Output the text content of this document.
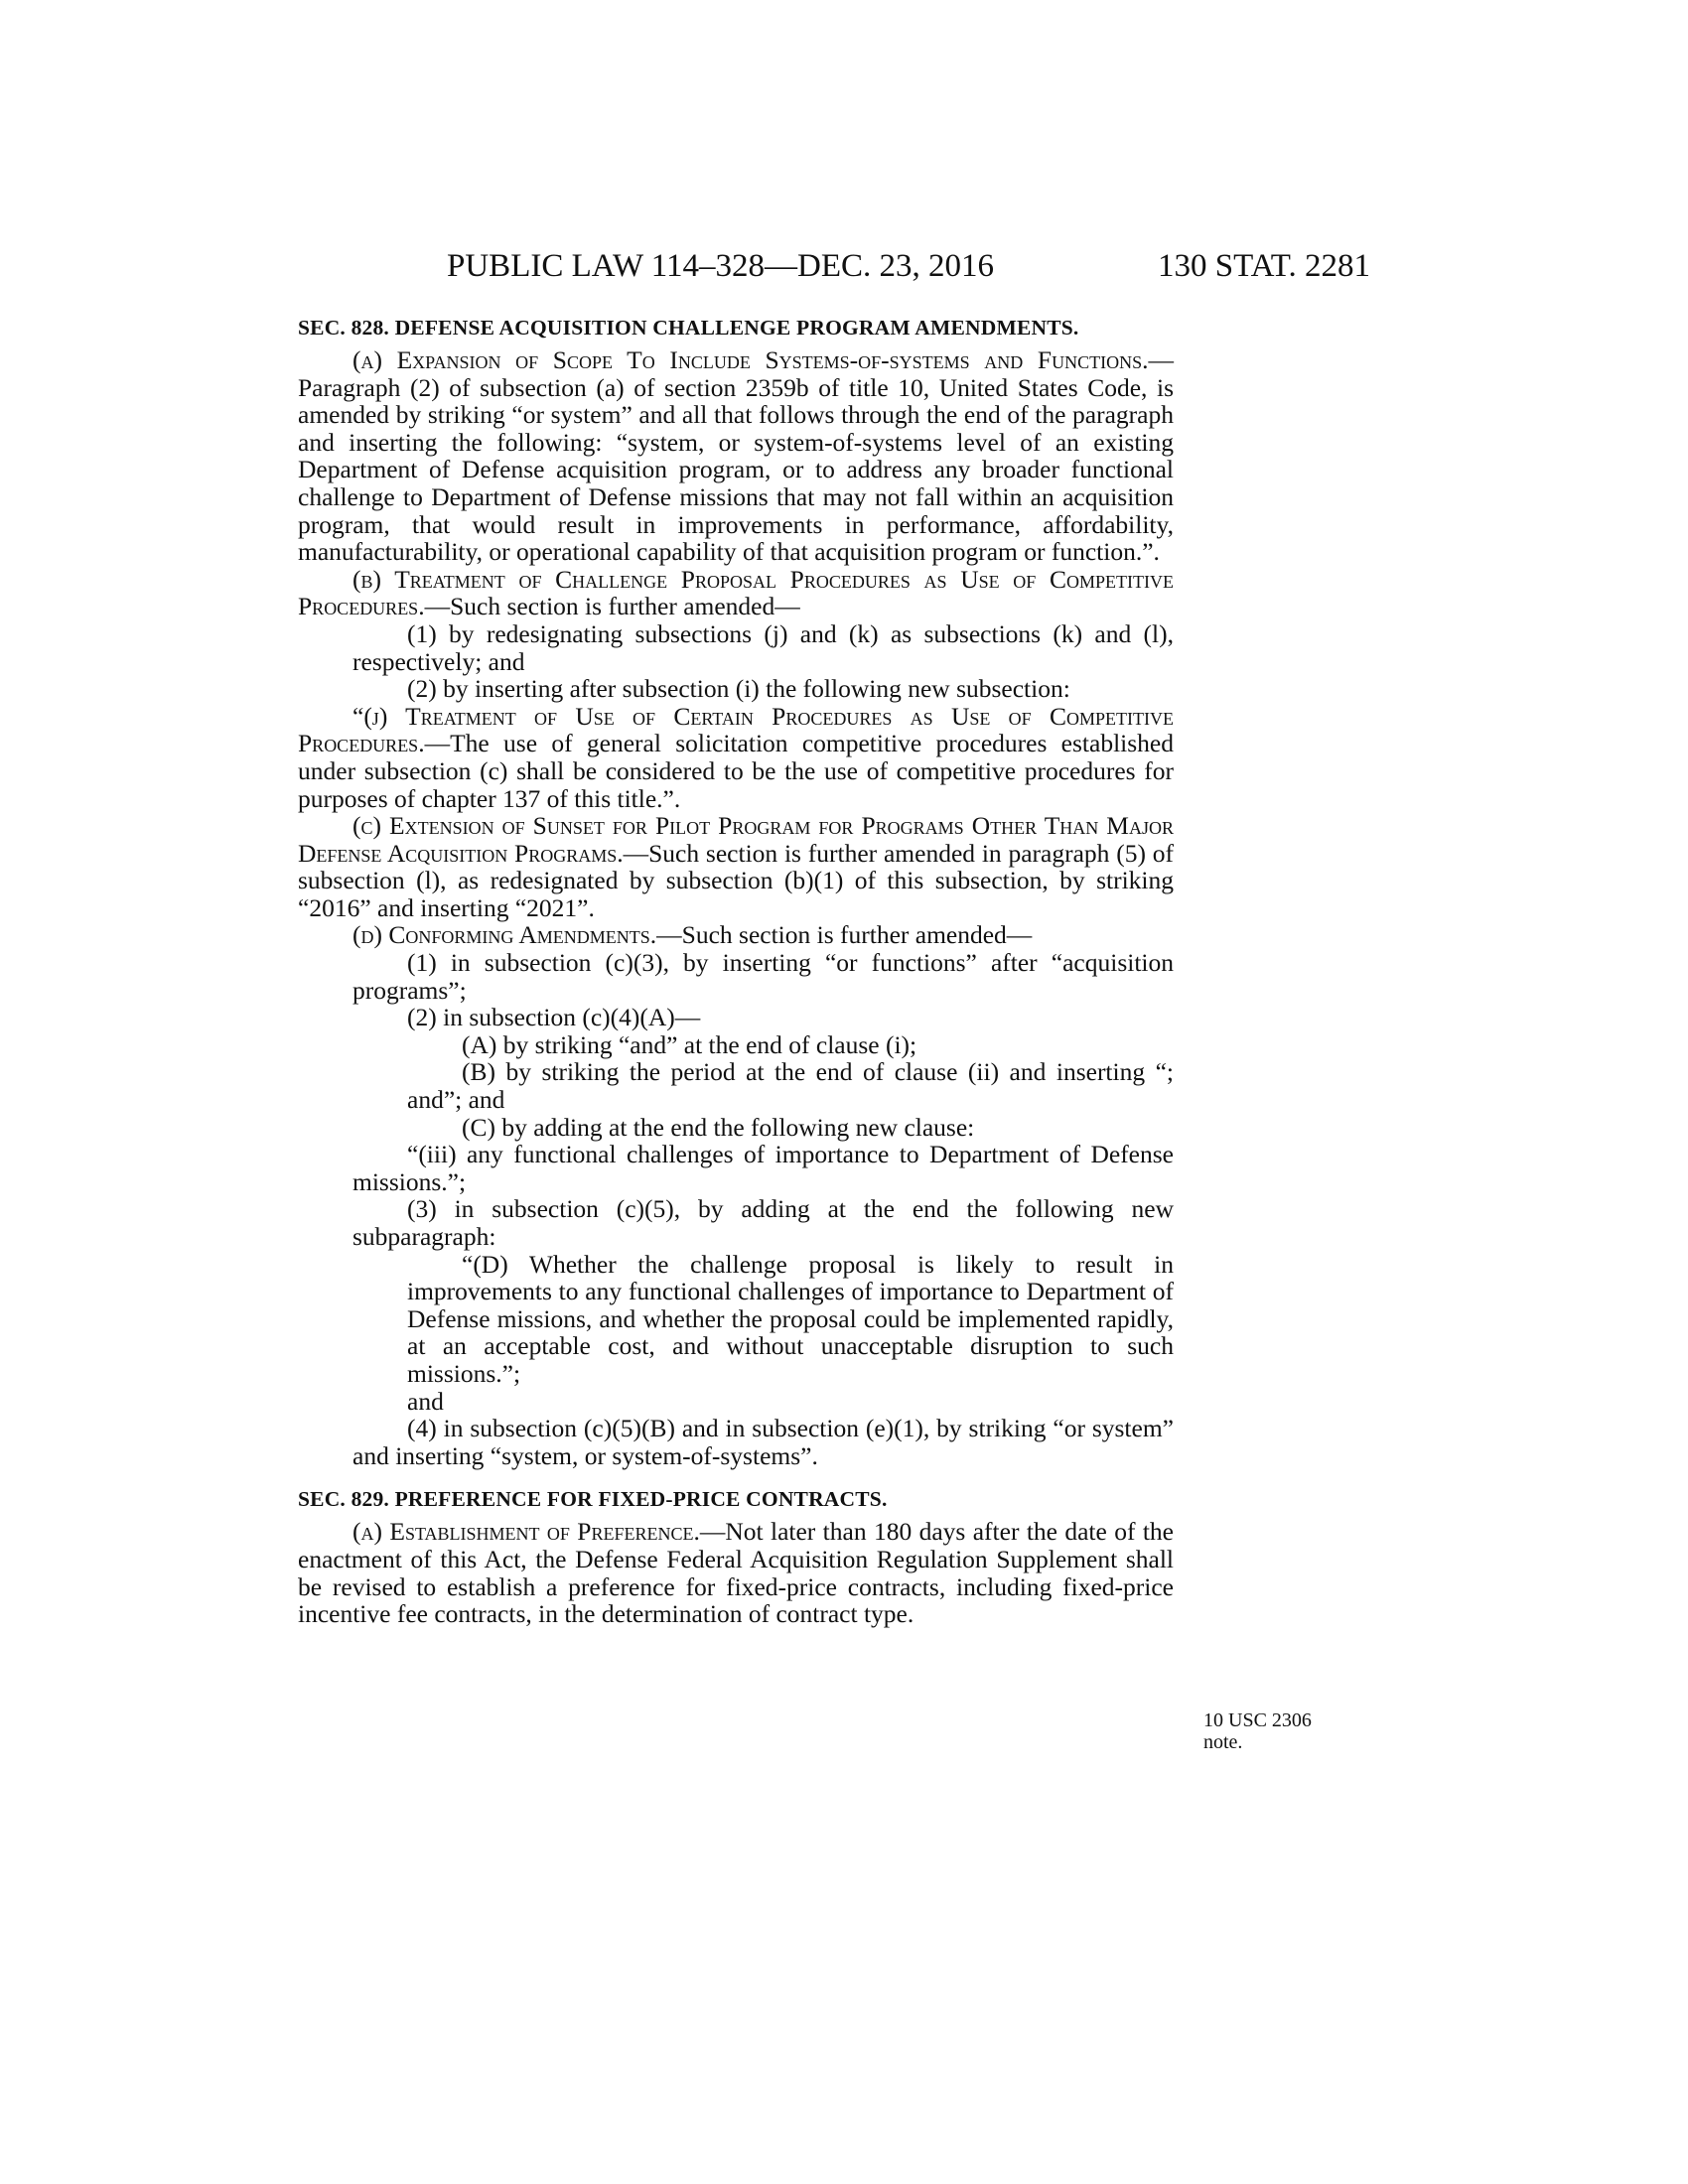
PUBLIC LAW 114–328—DEC. 23, 2016	130 STAT. 2281
SEC. 828. DEFENSE ACQUISITION CHALLENGE PROGRAM AMENDMENTS.

(a) Expansion of Scope To Include Systems-of-systems and Functions.—Paragraph (2) of subsection (a) of section 2359b of title 10, United States Code, is amended by striking “or system” and all that follows through the end of the paragraph and inserting the following: “system, or system-of-systems level of an existing Department of Defense acquisition program, or to address any broader functional challenge to Department of Defense missions that may not fall within an acquisition program, that would result in improvements in performance, affordability, manufacturability, or operational capability of that acquisition program or function.”.

(b) Treatment of Challenge Proposal Procedures as Use of Competitive Procedures.—Such section is further amended—

(1) by redesignating subsections (j) and (k) as subsections (k) and (l), respectively; and

(2) by inserting after subsection (i) the following new subsection:

“(j) Treatment of Use of Certain Procedures as Use of Competitive Procedures.—The use of general solicitation competitive procedures established under subsection (c) shall be considered to be the use of competitive procedures for purposes of chapter 137 of this title.”.

(c) Extension of Sunset for Pilot Program for Programs Other Than Major Defense Acquisition Programs.—Such section is further amended in paragraph (5) of subsection (l), as redesignated by subsection (b)(1) of this subsection, by striking “2016” and inserting “2021”.

(d) Conforming Amendments.—Such section is further amended—

(1) in subsection (c)(3), by inserting “or functions” after “acquisition programs”;

(2) in subsection (c)(4)(A)—

(A) by striking “and” at the end of clause (i);

(B) by striking the period at the end of clause (ii) and inserting “; and”; and

(C) by adding at the end the following new clause:

“(iii) any functional challenges of importance to Department of Defense missions.”;

(3) in subsection (c)(5), by adding at the end the following new subparagraph:

“(D) Whether the challenge proposal is likely to result in improvements to any functional challenges of importance to Department of Defense missions, and whether the proposal could be implemented rapidly, at an acceptable cost, and without unacceptable disruption to such missions.”;

and

(4) in subsection (c)(5)(B) and in subsection (e)(1), by striking “or system” and inserting “system, or system-of-systems”.

SEC. 829. PREFERENCE FOR FIXED-PRICE CONTRACTS.

(a) Establishment of Preference.—Not later than 180 days after the date of the enactment of this Act, the Defense Federal Acquisition Regulation Supplement shall be revised to establish a preference for fixed-price contracts, including fixed-price incentive fee contracts, in the determination of contract type.

10 USC 2306
note.
